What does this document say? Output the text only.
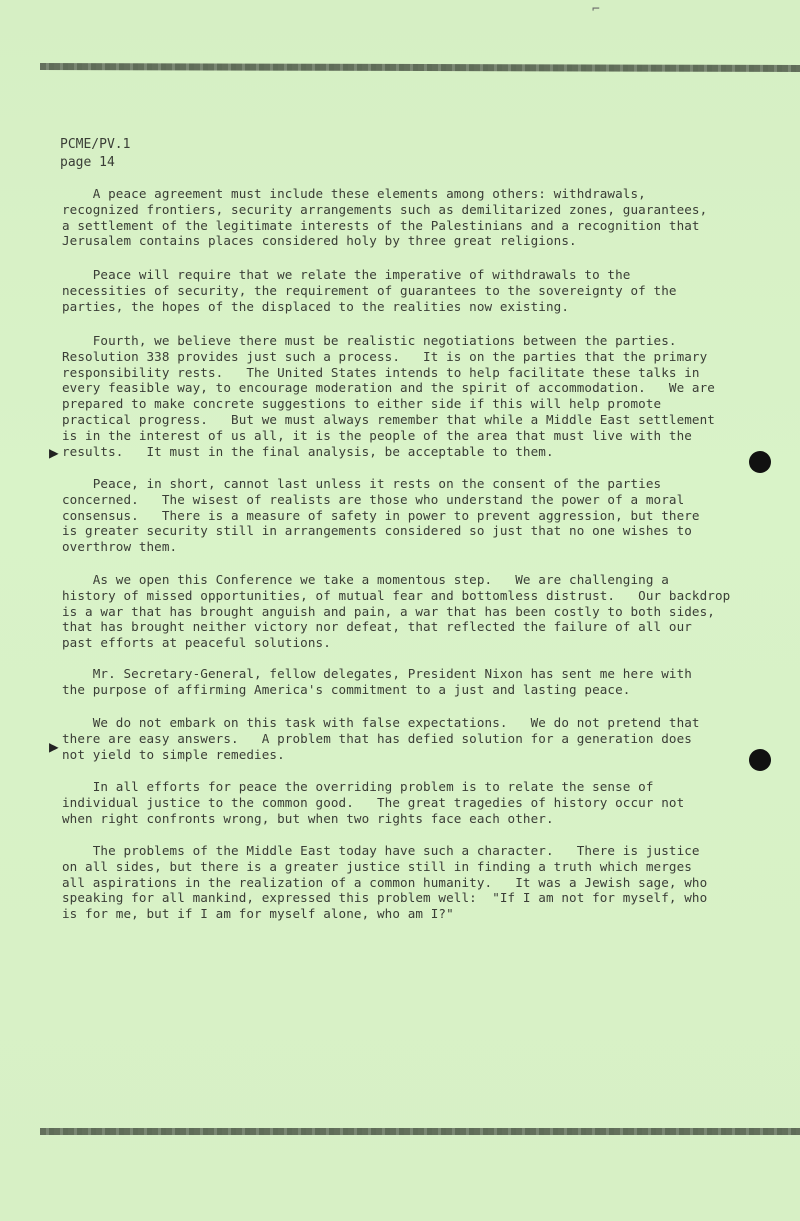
⌐
PCME/PV.1
page 14
A peace agreement must include these elements among others: withdrawals,
recognized frontiers, security arrangements such as demilitarized zones, guarantees,
a settlement of the legitimate interests of the Palestinians and a recognition that
Jerusalem contains places considered holy by three great religions.
Peace will require that we relate the imperative of withdrawals to the
necessities of security, the requirement of guarantees to the sovereignty of the
parties, the hopes of the displaced to the realities now existing.
Fourth, we believe there must be realistic negotiations between the parties.
Resolution 338 provides just such a process.   It is on the parties that the primary
responsibility rests.   The United States intends to help facilitate these talks in
every feasible way, to encourage moderation and the spirit of accommodation.   We are
prepared to make concrete suggestions to either side if this will help promote
practical progress.   But we must always remember that while a Middle East settlement
is in the interest of us all, it is the people of the area that must live with the
results.   It must in the final analysis, be acceptable to them.
Peace, in short, cannot last unless it rests on the consent of the parties
concerned.   The wisest of realists are those who understand the power of a moral
consensus.   There is a measure of safety in power to prevent aggression, but there
is greater security still in arrangements considered so just that no one wishes to
overthrow them.
As we open this Conference we take a momentous step.   We are challenging a
history of missed opportunities, of mutual fear and bottomless distrust.   Our backdrop
is a war that has brought anguish and pain, a war that has been costly to both sides,
that has brought neither victory nor defeat, that reflected the failure of all our
past efforts at peaceful solutions.
Mr. Secretary-General, fellow delegates, President Nixon has sent me here with
the purpose of affirming America's commitment to a just and lasting peace.
We do not embark on this task with false expectations.   We do not pretend that
there are easy answers.   A problem that has defied solution for a generation does
not yield to simple remedies.
In all efforts for peace the overriding problem is to relate the sense of
individual justice to the common good.   The great tragedies of history occur not
when right confronts wrong, but when two rights face each other.
The problems of the Middle East today have such a character.   There is justice
on all sides, but there is a greater justice still in finding a truth which merges
all aspirations in the realization of a common humanity.   It was a Jewish sage, who
speaking for all mankind, expressed this problem well:  "If I am not for myself, who
is for me, but if I am for myself alone, who am I?"
▶
▶
